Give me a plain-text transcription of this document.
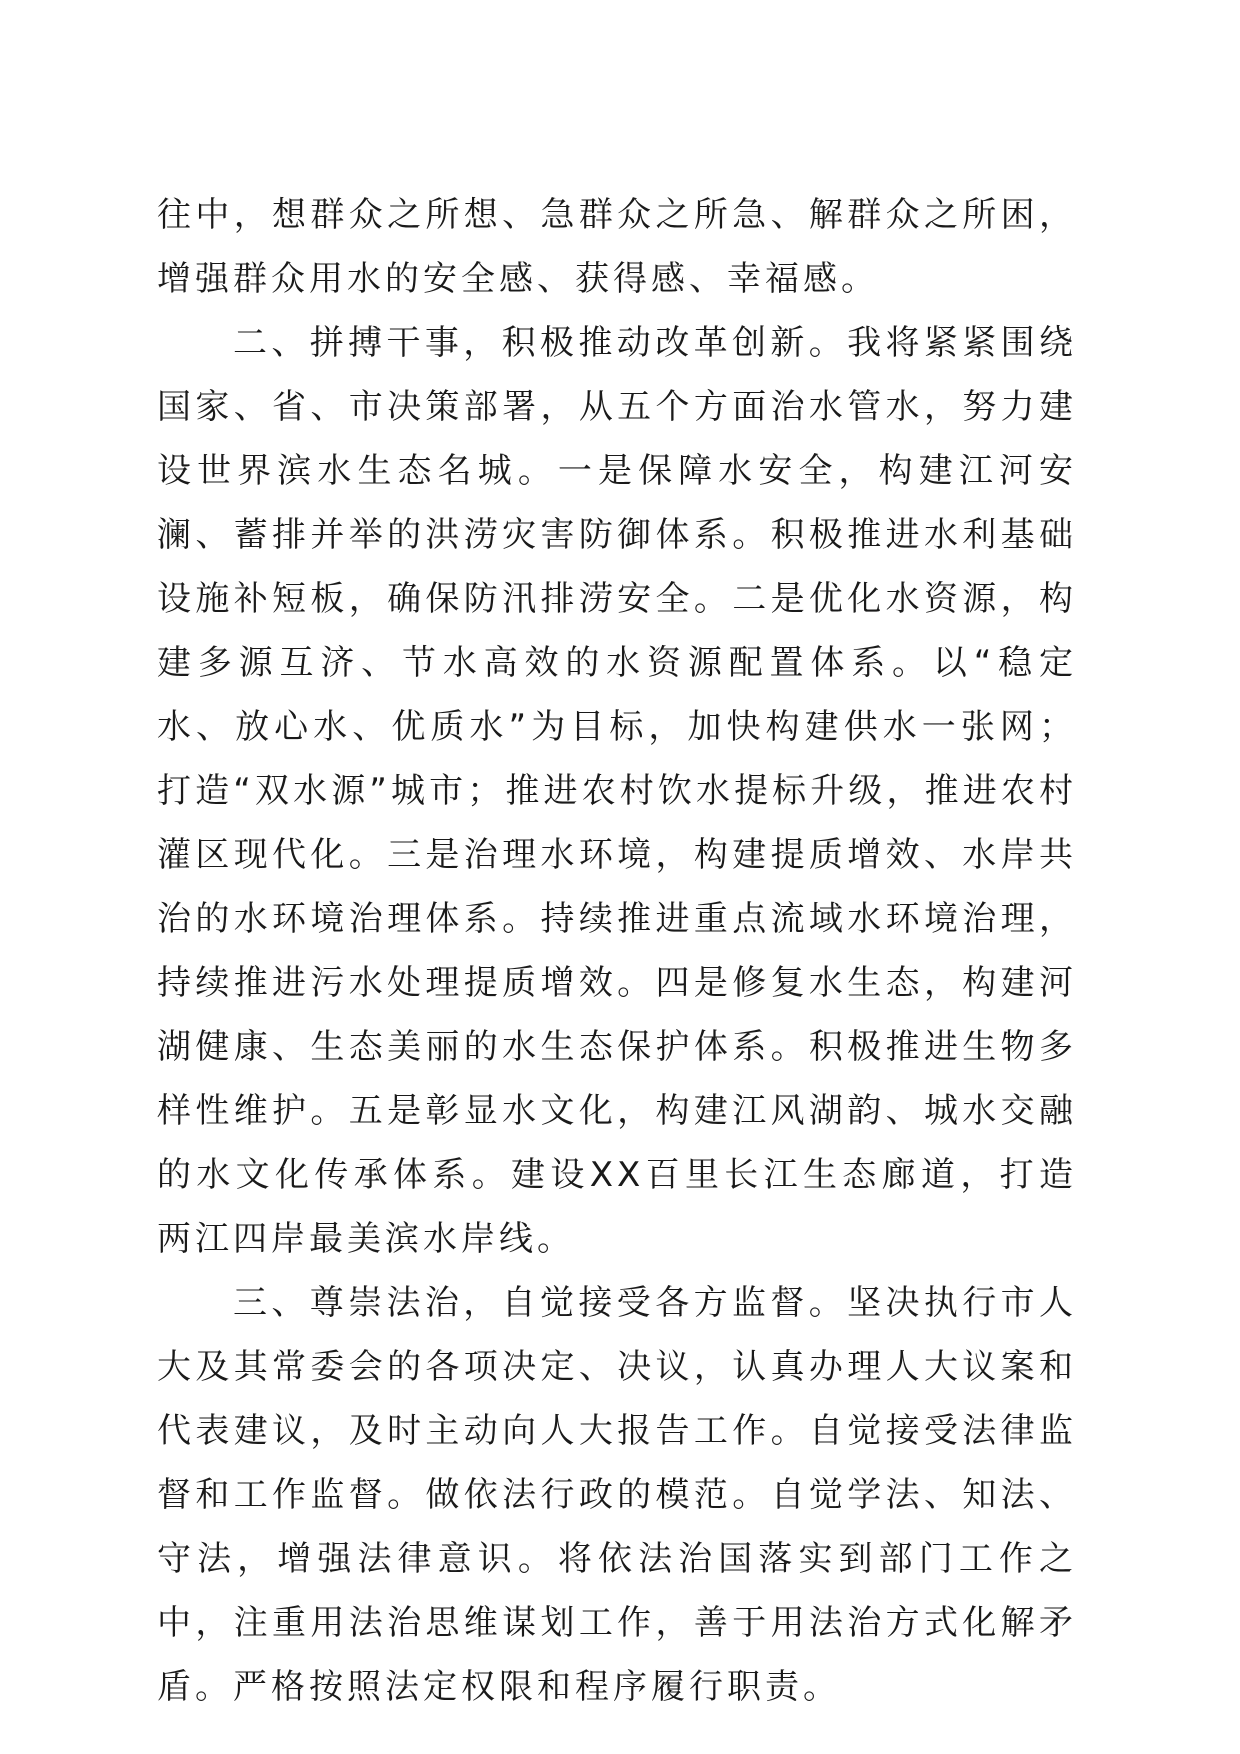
往中，想群众之所想、急群众之所急、解群众之所困，增强群众用水的安全感、获得感、幸福感。

二、拼搏干事，积极推动改革创新。我将紧紧围绕国家、省、市决策部署，从五个方面治水管水，努力建设世界滨水生态名城。一是保障水安全，构建江河安澜、蓄排并举的洪涝灾害防御体系。积极推进水利基础设施补短板，确保防汛排涝安全。二是优化水资源，构建多源互济、节水高效的水资源配置体系。以“稳定水、放心水、优质水”为目标，加快构建供水一张网；打造“双水源”城市；推进农村饮水提标升级，推进农村灌区现代化。三是治理水环境，构建提质增效、水岸共治的水环境治理体系。持续推进重点流域水环境治理，持续推进污水处理提质增效。四是修复水生态，构建河湖健康、生态美丽的水生态保护体系。积极推进生物多样性维护。五是彰显水文化，构建江风湖韵、城水交融的水文化传承体系。建设XX百里长江生态廊道，打造两江四岸最美滨水岸线。

三、尊崇法治，自觉接受各方监督。坚决执行市人大及其常委会的各项决定、决议，认真办理人大议案和代表建议，及时主动向人大报告工作。自觉接受法律监督和工作监督。做依法行政的模范。自觉学法、知法、守法，增强法律意识。将依法治国落实到部门工作之中，注重用法治思维谋划工作，善于用法治方式化解矛盾。严格按照法定权限和程序履行职责。
